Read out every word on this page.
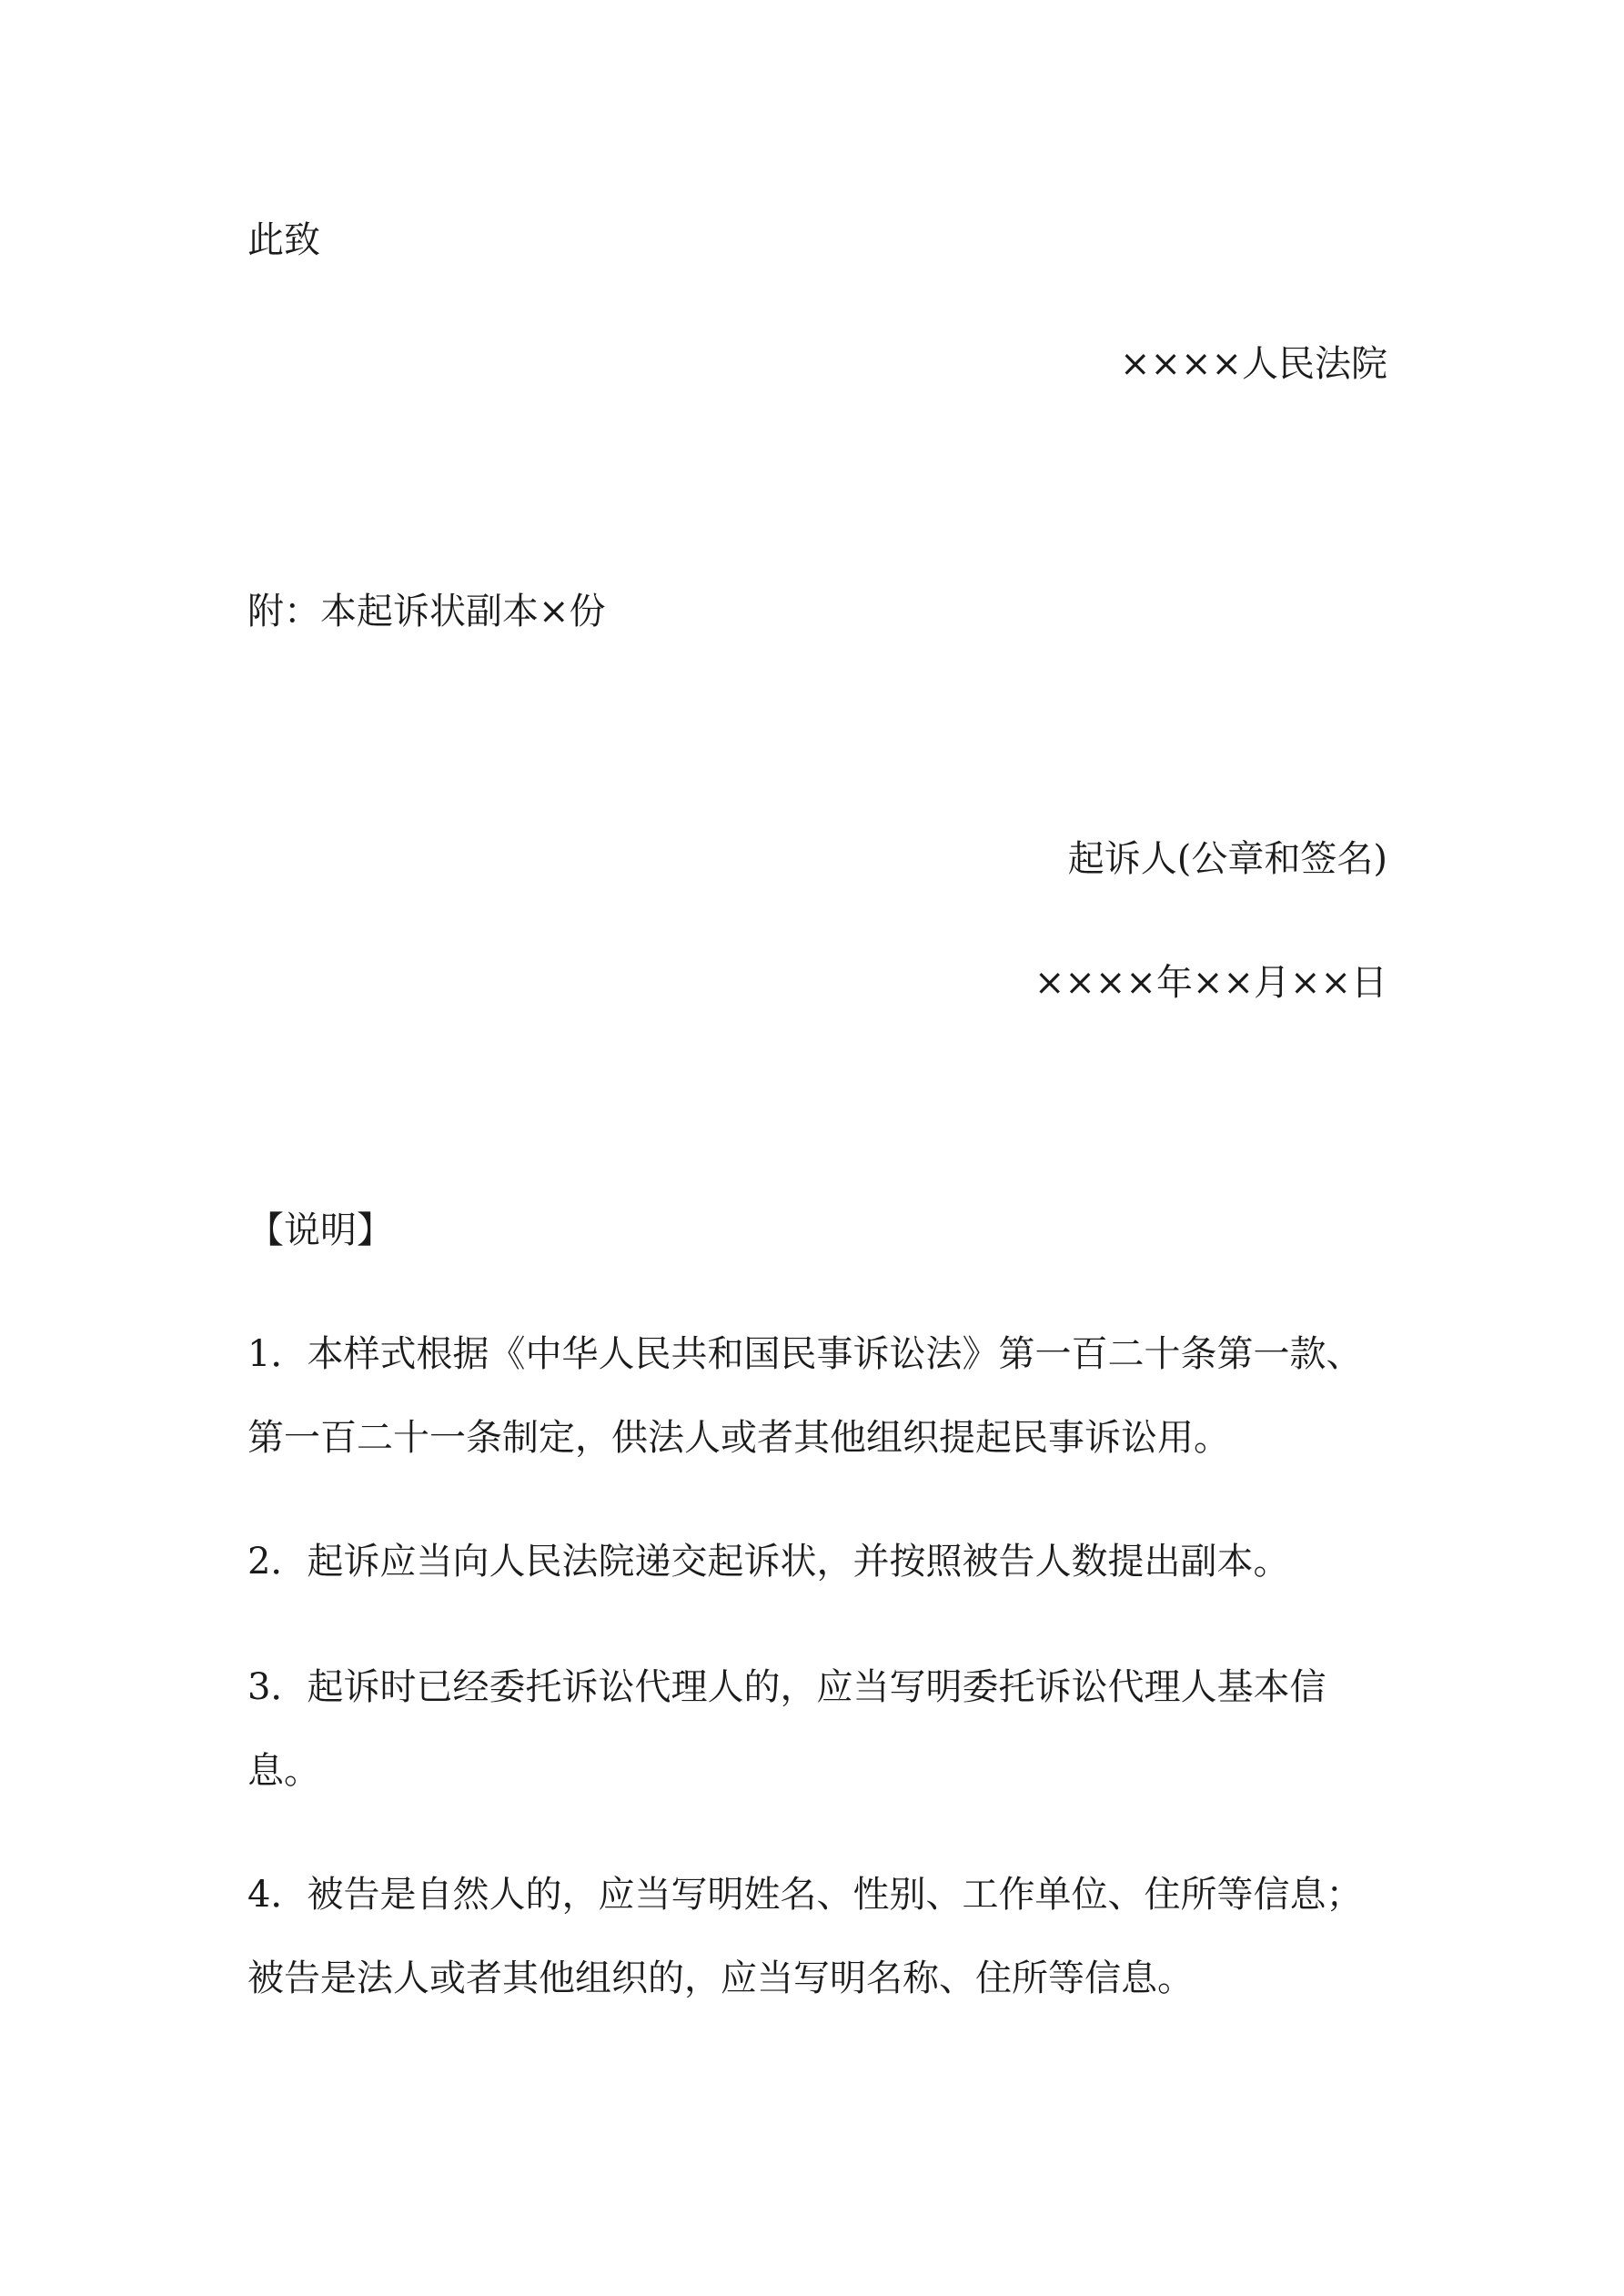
此致

××××人民法院

附：本起诉状副本×份

起诉人(公章和签名)

××××年××月××日

【说明】

1．本样式根据《中华人民共和国民事诉讼法》第一百二十条第一款、

第一百二十一条制定，供法人或者其他组织提起民事诉讼用。

2．起诉应当向人民法院递交起诉状，并按照被告人数提出副本。

3．起诉时已经委托诉讼代理人的，应当写明委托诉讼代理人基本信

息。

4．被告是自然人的，应当写明姓名、性别、工作单位、住所等信息；

被告是法人或者其他组织的，应当写明名称、住所等信息。
